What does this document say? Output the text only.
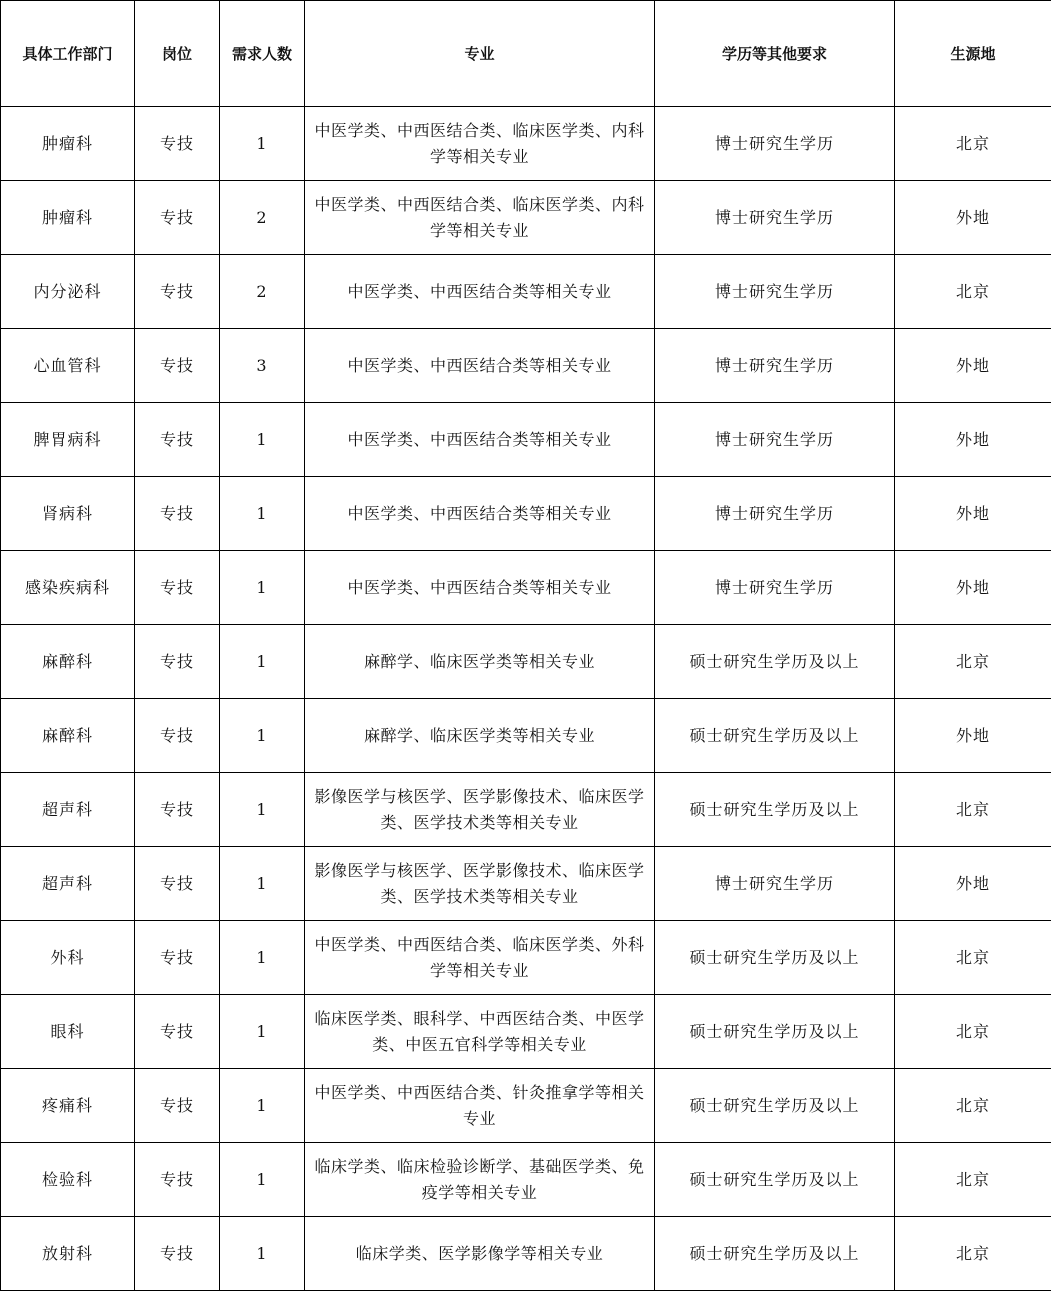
具体工作部门	岗位	需求人数	专业	学历等其他要求	生源地
肿瘤科	专技	1	中医学类、中西医结合类、临床医学类、内科学等相关专业	博士研究生学历	北京
肿瘤科	专技	2	中医学类、中西医结合类、临床医学类、内科学等相关专业	博士研究生学历	外地
内分泌科	专技	2	中医学类、中西医结合类等相关专业	博士研究生学历	北京
心血管科	专技	3	中医学类、中西医结合类等相关专业	博士研究生学历	外地
脾胃病科	专技	1	中医学类、中西医结合类等相关专业	博士研究生学历	外地
肾病科	专技	1	中医学类、中西医结合类等相关专业	博士研究生学历	外地
感染疾病科	专技	1	中医学类、中西医结合类等相关专业	博士研究生学历	外地
麻醉科	专技	1	麻醉学、临床医学类等相关专业	硕士研究生学历及以上	北京
麻醉科	专技	1	麻醉学、临床医学类等相关专业	硕士研究生学历及以上	外地
超声科	专技	1	影像医学与核医学、医学影像技术、临床医学类、医学技术类等相关专业	硕士研究生学历及以上	北京
超声科	专技	1	影像医学与核医学、医学影像技术、临床医学类、医学技术类等相关专业	博士研究生学历	外地
外科	专技	1	中医学类、中西医结合类、临床医学类、外科学等相关专业	硕士研究生学历及以上	北京
眼科	专技	1	临床医学类、眼科学、中西医结合类、中医学类、中医五官科学等相关专业	硕士研究生学历及以上	北京
疼痛科	专技	1	中医学类、中西医结合类、针灸推拿学等相关专业	硕士研究生学历及以上	北京
检验科	专技	1	临床学类、临床检验诊断学、基础医学类、免疫学等相关专业	硕士研究生学历及以上	北京
放射科	专技	1	临床学类、医学影像学等相关专业	硕士研究生学历及以上	北京
